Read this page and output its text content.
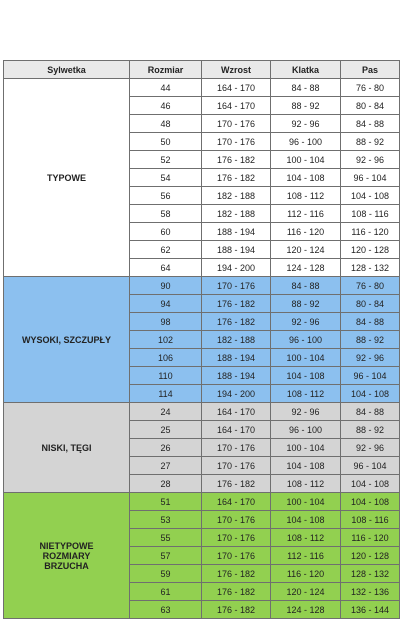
Sylwetka	Rozmiar	Wzrost	Klatka	Pas
TYPOWE	44	164 - 170	84 - 88	76 - 80
	46	164 - 170	88 - 92	80 - 84
	48	170 - 176	92 - 96	84 - 88
	50	170 - 176	96 - 100	88 - 92
	52	176 - 182	100 - 104	92 - 96
	54	176 - 182	104 - 108	96 - 104
	56	182 - 188	108 - 112	104 - 108
	58	182 - 188	112 - 116	108 - 116
	60	188 - 194	116 - 120	116 - 120
	62	188 - 194	120 - 124	120 - 128
	64	194 - 200	124 - 128	128 - 132
WYSOKI, SZCZUPŁY	90	170 - 176	84 - 88	76 - 80
	94	176 - 182	88 - 92	80 - 84
	98	176 - 182	92 - 96	84 - 88
	102	182 - 188	96 - 100	88 - 92
	106	188 - 194	100 - 104	92 - 96
	110	188 - 194	104 - 108	96 - 104
	114	194 - 200	108 - 112	104 - 108
NISKI, TĘGI	24	164 - 170	92 - 96	84 - 88
	25	164 - 170	96 - 100	88 - 92
	26	170 - 176	100 - 104	92 - 96
	27	170 - 176	104 - 108	96 - 104
	28	176 - 182	108 - 112	104 - 108

NIETYPOWE
ROZMIARY
BRZUCHA	51	164 - 170	100 - 104	104 - 108
	53	170 - 176	104 - 108	108 - 116
	55	170 - 176	108 - 112	116 - 120
	57	170 - 176	112 - 116	120 - 128
	59	176 - 182	116 - 120	128 - 132
	61	176 - 182	120 - 124	132 - 136
	63	176 - 182	124 - 128	136 - 144
